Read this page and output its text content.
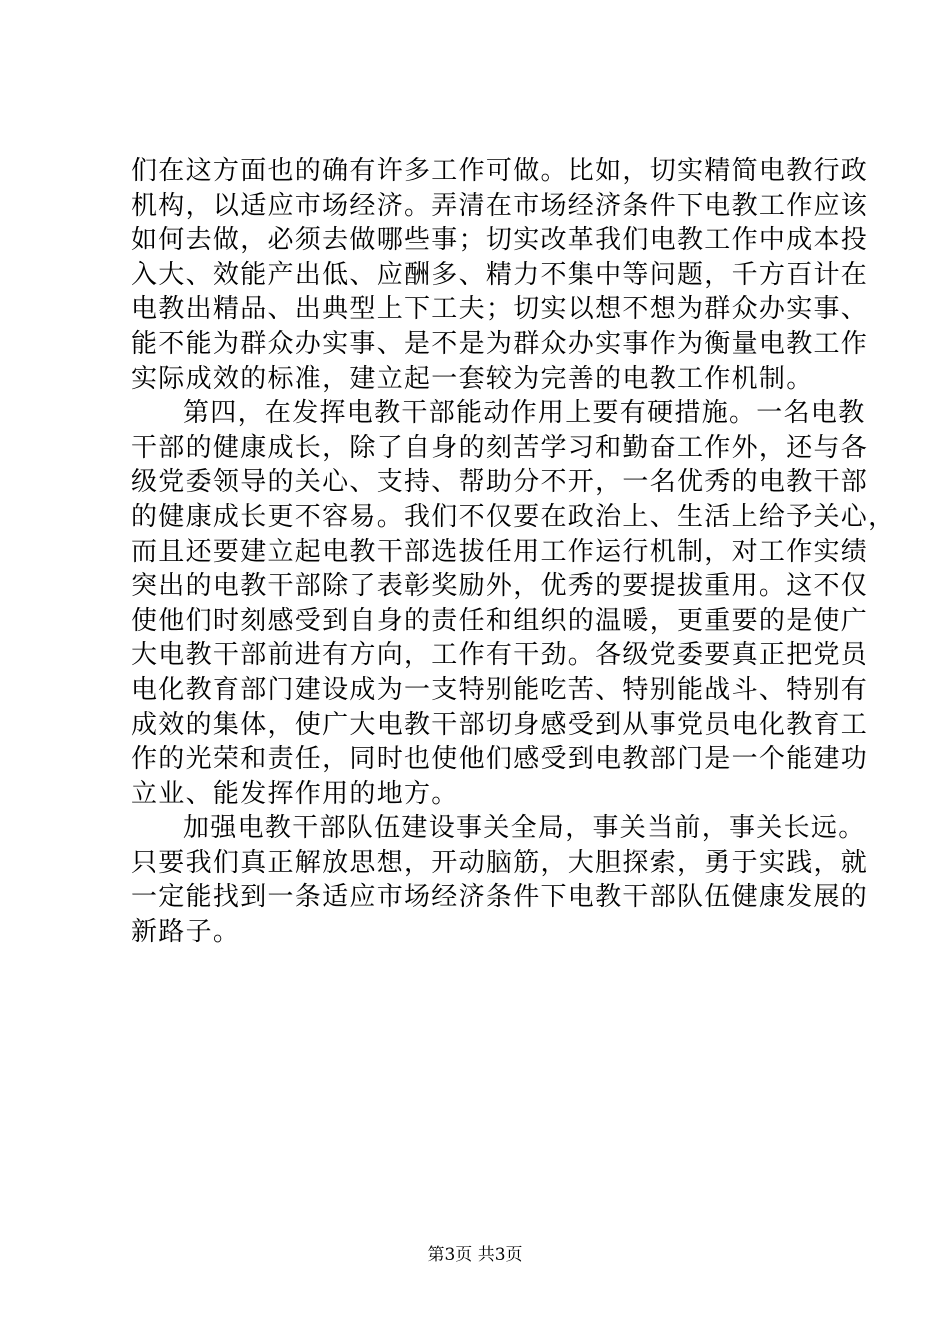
们在这方面也的确有许多工作可做。比如，切实精简电教行政
机构，以适应市场经济。弄清在市场经济条件下电教工作应该
如何去做，必须去做哪些事；切实改革我们电教工作中成本投
入大、效能产出低、应酬多、精力不集中等问题，千方百计在
电教出精品、出典型上下工夫；切实以想不想为群众办实事、
能不能为群众办实事、是不是为群众办实事作为衡量电教工作
实际成效的标准，建立起一套较为完善的电教工作机制。
第四，在发挥电教干部能动作用上要有硬措施。一名电教
干部的健康成长，除了自身的刻苦学习和勤奋工作外，还与各
级党委领导的关心、支持、帮助分不开，一名优秀的电教干部
的健康成长更不容易。我们不仅要在政治上、生活上给予关心，
而且还要建立起电教干部选拔任用工作运行机制，对工作实绩
突出的电教干部除了表彰奖励外，优秀的要提拔重用。这不仅
使他们时刻感受到自身的责任和组织的温暖，更重要的是使广
大电教干部前进有方向，工作有干劲。各级党委要真正把党员
电化教育部门建设成为一支特别能吃苦、特别能战斗、特别有
成效的集体，使广大电教干部切身感受到从事党员电化教育工
作的光荣和责任，同时也使他们感受到电教部门是一个能建功
立业、能发挥作用的地方。
加强电教干部队伍建设事关全局，事关当前，事关长远。
只要我们真正解放思想，开动脑筋，大胆探索，勇于实践，就
一定能找到一条适应市场经济条件下电教干部队伍健康发展的
新路子。
第3页 共3页
